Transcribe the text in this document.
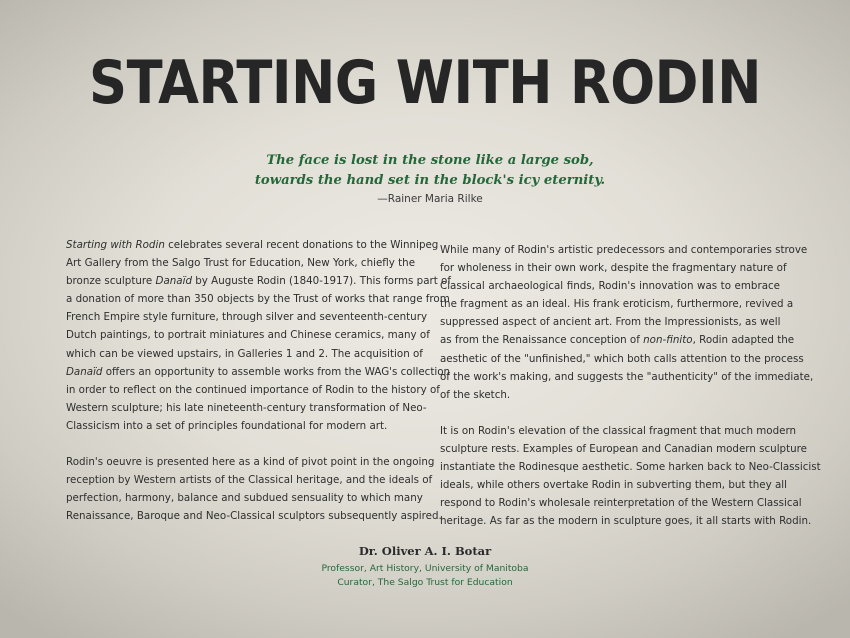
STARTING WITH RODIN
The face is lost in the stone like a large sob,
towards the hand set in the block's icy eternity.
—Rainer Maria Rilke

Starting with Rodin celebrates several recent donations to the Winnipeg
Art Gallery from the Salgo Trust for Education, New York, chiefly the
bronze sculpture Danaïd by Auguste Rodin (1840-1917). This forms part of
a donation of more than 350 objects by the Trust of works that range from
French Empire style furniture, through silver and seventeenth-century
Dutch paintings, to portrait miniatures and Chinese ceramics, many of
which can be viewed upstairs, in Galleries 1 and 2. The acquisition of
Danaïd offers an opportunity to assemble works from the WAG's collection
in order to reflect on the continued importance of Rodin to the history of
Western sculpture; his late nineteenth-century transformation of Neo-
Classicism into a set of principles foundational for modern art.

Rodin's oeuvre is presented here as a kind of pivot point in the ongoing
reception by Western artists of the Classical heritage, and the ideals of
perfection, harmony, balance and subdued sensuality to which many
Renaissance, Baroque and Neo-Classical sculptors subsequently aspired.

While many of Rodin's artistic predecessors and contemporaries strove
for wholeness in their own work, despite the fragmentary nature of
Classical archaeological finds, Rodin's innovation was to embrace
the fragment as an ideal. His frank eroticism, furthermore, revived a
suppressed aspect of ancient art. From the Impressionists, as well
as from the Renaissance conception of non-finito, Rodin adapted the
aesthetic of the "unfinished," which both calls attention to the process
of the work's making, and suggests the "authenticity" of the immediate,
of the sketch.

It is on Rodin's elevation of the classical fragment that much modern
sculpture rests. Examples of European and Canadian modern sculpture
instantiate the Rodinesque aesthetic. Some harken back to Neo-Classicist
ideals, while others overtake Rodin in subverting them, but they all
respond to Rodin's wholesale reinterpretation of the Western Classical
heritage. As far as the modern in sculpture goes, it all starts with Rodin.

Dr. Oliver A. I. Botar
Professor, Art History, University of Manitoba
Curator, The Salgo Trust for Education
